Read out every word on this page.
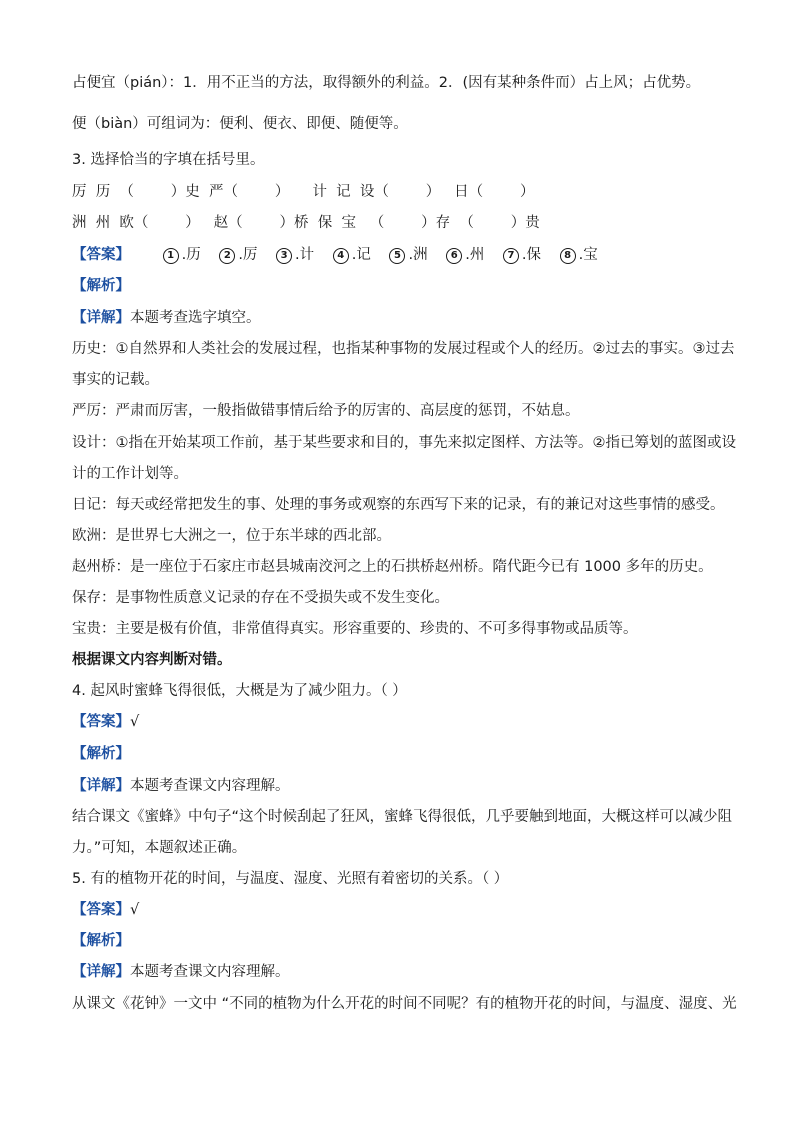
占便宜（pián）：1．用不正当的方法，取得额外的利益。2．(因有某种条件而）占上风；占优势。
便（biàn）可组词为：便利、便衣、即便、随便等。
3. 选择恰当的字填在括号里。
厉  历  （        ）史  严（        ）     计  记  设（        ）   日（        ）
洲  州  欧（        ）   赵（        ）桥  保  宝   （        ）存  （        ）贵
【答案】	1 .历 2 .厉 3 .计 4 .记 5 .洲 6 .州 7 .保 8 .宝
【解析】
【详解】本题考查选字填空。
历史：①自然界和人类社会的发展过程，也指某种事物的发展过程或个人的经历。②过去的事实。③过去
事实的记载。
严厉：严肃而厉害，一般指做错事情后给予的厉害的、高层度的惩罚，不姑息。
设计：①指在开始某项工作前，基于某些要求和目的，事先来拟定图样、方法等。②指已筹划的蓝图或设
计的工作计划等。
日记：每天或经常把发生的事、处理的事务或观察的东西写下来的记录，有的兼记对这些事情的感受。
欧洲：是世界七大洲之一，位于东半球的西北部。
赵州桥：是一座位于石家庄市赵县城南洨河之上的石拱桥赵州桥。隋代距今已有 1000 多年的历史。
保存：是事物性质意义记录的存在不受损失或不发生变化。
宝贵：主要是极有价值，非常值得真实。形容重要的、珍贵的、不可多得事物或品质等。
根据课文内容判断对错。
4. 起风时蜜蜂飞得很低，大概是为了减少阻力。（ ）
【答案】√
【解析】
【详解】本题考查课文内容理解。
结合课文《蜜蜂》中句子“这个时候刮起了狂风，蜜蜂飞得很低，几乎要触到地面，大概这样可以减少阻
力。”可知，本题叙述正确。
5. 有的植物开花的时间，与温度、湿度、光照有着密切的关系。（ ）
【答案】√
【解析】
【详解】本题考查课文内容理解。
从课文《花钟》一文中 “不同的植物为什么开花的时间不同呢？有的植物开花的时间，与温度、湿度、光
